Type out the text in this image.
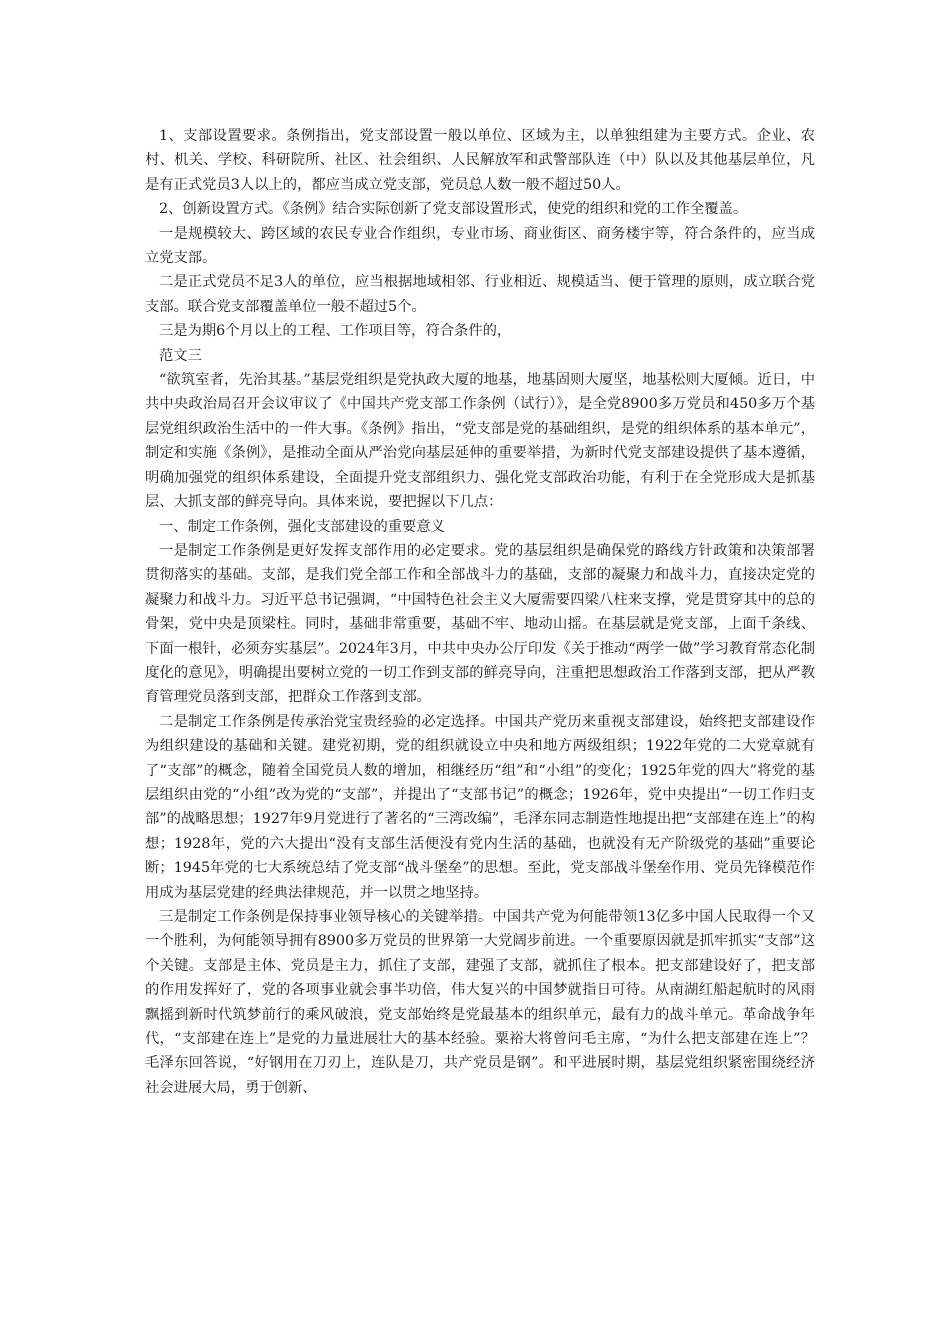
1、支部设置要求。条例指出，党支部设置一般以单位、区域为主，以单独组建为主要方式。企业、农村、机关、学校、科研院所、社区、社会组织、人民解放军和武警部队连（中）队以及其他基层单位，凡是有正式党员3人以上的，都应当成立党支部，党员总人数一般不超过50人。

2、创新设置方式。《条例》结合实际创新了党支部设置形式，使党的组织和党的工作全覆盖。

一是规模较大、跨区域的农民专业合作组织，专业市场、商业街区、商务楼宇等，符合条件的，应当成立党支部。

二是正式党员不足3人的单位，应当根据地域相邻、行业相近、规模适当、便于管理的原则，成立联合党支部。联合党支部覆盖单位一般不超过5个。

三是为期6个月以上的工程、工作项目等，符合条件的，

范文三

“欲筑室者，先治其基。”基层党组织是党执政大厦的地基，地基固则大厦坚，地基松则大厦倾。近日，中共中央政治局召开会议审议了《中国共产党支部工作条例（试行）》，是全党8900多万党员和450多万个基层党组织政治生活中的一件大事。《条例》指出，“党支部是党的基础组织，是党的组织体系的基本单元”，制定和实施《条例》，是推动全面从严治党向基层延伸的重要举措，为新时代党支部建设提供了基本遵循，明确加强党的组织体系建设，全面提升党支部组织力、强化党支部政治功能，有利于在全党形成大是抓基层、大抓支部的鲜亮导向。具体来说，要把握以下几点：

一、制定工作条例，强化支部建设的重要意义

一是制定工作条例是更好发挥支部作用的必定要求。党的基层组织是确保党的路线方针政策和决策部署贯彻落实的基础。支部，是我们党全部工作和全部战斗力的基础，支部的凝聚力和战斗力，直接决定党的凝聚力和战斗力。习近平总书记强调，“中国特色社会主义大厦需要四梁八柱来支撑，党是贯穿其中的总的骨架，党中央是顶梁柱。同时，基础非常重要，基础不牢、地动山摇。在基层就是党支部，上面千条线、下面一根针，必须夯实基层”。2024年3月，中共中央办公厅印发《关于推动“两学一做”学习教育常态化制度化的意见》，明确提出要树立党的一切工作到支部的鲜亮导向，注重把思想政治工作落到支部，把从严教育管理党员落到支部，把群众工作落到支部。

二是制定工作条例是传承治党宝贵经验的必定选择。中国共产党历来重视支部建设，始终把支部建设作为组织建设的基础和关键。建党初期，党的组织就设立中央和地方两级组织；1922年党的二大党章就有了“支部”的概念，随着全国党员人数的增加，相继经历“组”和“小组”的变化；1925年党的四大”将党的基层组织由党的“小组”改为党的“支部”，并提出了“支部书记”的概念；1926年，党中央提出“一切工作归支部”的战略思想；1927年9月党进行了著名的“三湾改编”，毛泽东同志制造性地提出把“支部建在连上”的构想；1928年，党的六大提出“没有支部生活便没有党内生活的基础，也就没有无产阶级党的基础”重要论断；1945年党的七大系统总结了党支部“战斗堡垒”的思想。至此，党支部战斗堡垒作用、党员先锋模范作用成为基层党建的经典法律规范，并一以贯之地坚持。

三是制定工作条例是保持事业领导核心的关键举措。中国共产党为何能带领13亿多中国人民取得一个又一个胜利，为何能领导拥有8900多万党员的世界第一大党阔步前进。一个重要原因就是抓牢抓实“支部”这个关键。支部是主体、党员是主力，抓住了支部，建强了支部，就抓住了根本。把支部建设好了，把支部的作用发挥好了，党的各项事业就会事半功倍，伟大复兴的中国梦就指日可待。从南湖红船起航时的风雨飘摇到新时代筑梦前行的乘风破浪，党支部始终是党最基本的组织单元，最有力的战斗单元。革命战争年代，“支部建在连上”是党的力量进展壮大的基本经验。粟裕大将曾问毛主席，“为什么把支部建在连上”？毛泽东回答说，“好钢用在刀刃上，连队是刀，共产党员是钢”。和平进展时期，基层党组织紧密围绕经济社会进展大局，勇于创新、
